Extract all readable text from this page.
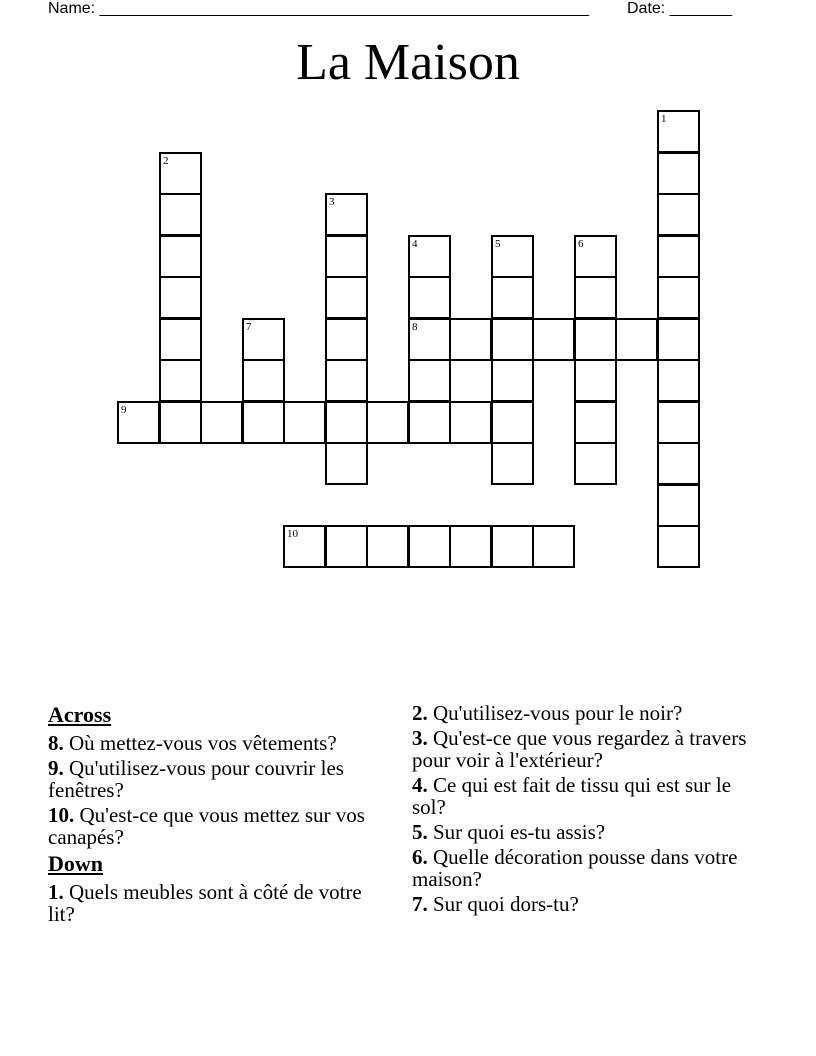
Name: _______________________________________________________ Date: _______
La Maison
1
2
3
4
8
5	6
7
9
10
Across
8. Où mettez-vous vos vêtements?
9. Qu'utilisez-vous pour couvrir les fenêtres?
10. Qu'est-ce que vous mettez sur vos canapés?
Down
1. Quels meubles sont à côté de votre lit?
2. Qu'utilisez-vous pour le noir?
3. Qu'est-ce que vous regardez à travers pour voir à l'extérieur?
4. Ce qui est fait de tissu qui est sur le sol?
5. Sur quoi es-tu assis?
6. Quelle décoration pousse dans votre maison?
7. Sur quoi dors-tu?
